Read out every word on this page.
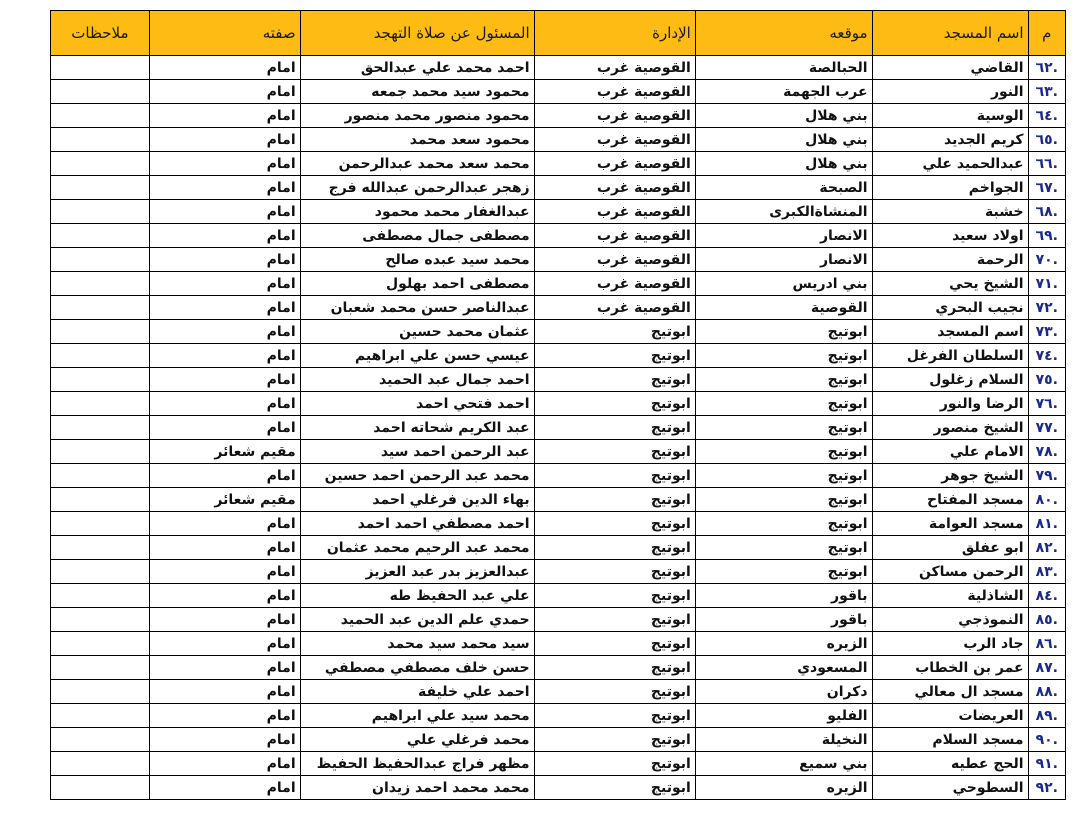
م	اسم المسجد	موقعه	الإدارة	المسئول عن صلاة التهجد	صفته	ملاحظات
.٦٢	القاضي	الحبالصة	القوصية غرب	احمد محمد علي عبدالحق	امام	
.٦٣	النور	عرب الجهمة	القوصية غرب	محمود سيد محمد جمعه	امام	
.٦٤	الوسية	بني هلال	القوصية غرب	محمود منصور محمد منصور	امام	
.٦٥	كريم الجديد	بني هلال	القوصية غرب	محمود سعد محمد	امام	
.٦٦	عبدالحميد علي	بني هلال	القوصية غرب	محمد سعد محمد عبدالرحمن	امام	
.٦٧	الجواخم	الصبحة	القوصية غرب	زهجر عبدالرحمن عبدالله فرج	امام	
.٦٨	خشبة	المنشاةالكبرى	القوصية غرب	عبدالغفار محمد محمود	امام	
.٦٩	اولاد سعيد	الانصار	القوصية غرب	مصطفى جمال مصطفى	امام	
.٧٠	الرحمة	الانصار	القوصية غرب	محمد سيد عبده صالح	امام	
.٧١	الشيخ يحي	بني ادريس	القوصية غرب	مصطفى احمد بهلول	امام	
.٧٢	نجيب البحري	القوصية	القوصية غرب	عبدالناصر حسن محمد شعبان	امام	
.٧٣	اسم المسجد	ابوتيج	ابوتيج	عثمان محمد حسين	امام	
.٧٤	السلطان الفرغل	ابوتيج	ابوتيج	عيسي حسن علي ابراهيم	امام	
.٧٥	السلام زغلول	ابوتيج	ابوتيج	احمد جمال عبد الحميد	امام	
.٧٦	الرضا والنور	ابوتيج	ابوتيج	احمد فتحي احمد	امام	
.٧٧	الشيخ منصور	ابوتيج	ابوتيج	عبد الكريم شحاته احمد	امام	
.٧٨	الامام علي	ابوتيج	ابوتيج	عبد الرحمن احمد سيد	مقيم شعائر	
.٧٩	الشيخ جوهر	ابوتيج	ابوتيج	محمد عبد الرحمن احمد حسين	امام	
.٨٠	مسجد المفتاح	ابوتيج	ابوتيج	بهاء الدين فرغلي احمد	مقيم شعائر	
.٨١	مسجد العوامة	ابوتيج	ابوتيج	احمد مصطفي احمد احمد	امام	
.٨٢	ابو عفلق	ابوتيج	ابوتيج	محمد عبد الرحيم محمد عثمان	امام	
.٨٣	الرحمن مساكن	ابوتيج	ابوتيج	عبدالعزيز بدر عبد العزيز	امام	
.٨٤	الشاذلية	باقور	ابوتيج	علي عبد الحفيظ طه	امام	
.٨٥	النموذجي	باقور	ابوتيج	حمدي علم الدين عبد الحميد	امام	
.٨٦	جاد الرب	الزيره	ابوتيج	سيد محمد سيد محمد	امام	
.٨٧	عمر بن الخطاب	المسعودي	ابوتيج	حسن خلف مصطفي مصطفي	امام	
.٨٨	مسجد ال معالي	دكران	ابوتيج	احمد علي خليفة	امام	
.٨٩	العريضات	الفليو	ابوتيج	محمد سيد علي ابراهيم	امام	
.٩٠	مسجد السلام	النخيلة	ابوتيج	محمد فرغلي علي	امام	
.٩١	الحج عطيه	بني سميع	ابوتيج	مظهر فراج عبدالحفيظ الحفيظ	امام	
.٩٢	السطوحي	الزيره	ابوتيج	محمد محمد احمد زيدان	امام	
